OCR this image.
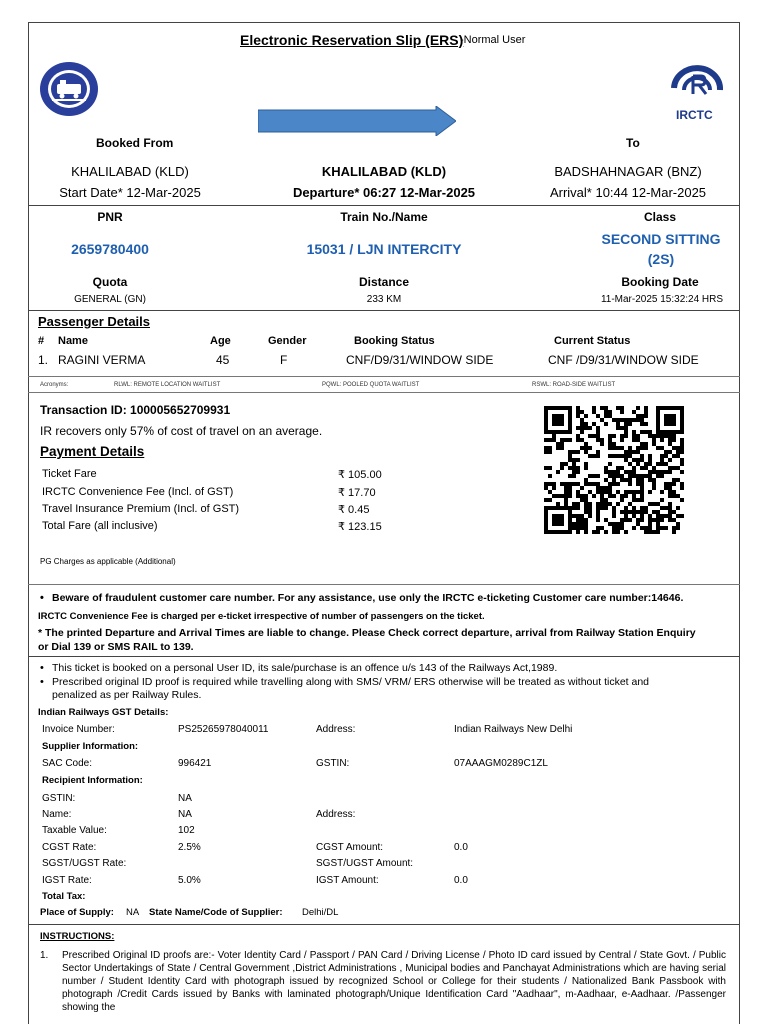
Electronic Reservation Slip (ERS)
-Normal User
IRCTC
Booked From	Boarding At	To
KHALILABAD (KLD)	KHALILABAD (KLD)	BADSHAHNAGAR (BNZ)
Start Date* 12-Mar-2025	Departure* 06:27 12-Mar-2025	Arrival* 10:44 12-Mar-2025
PNR	Train No./Name	Class
2659780400	15031 / LJN INTERCITY
SECOND SITTING
(2S)
Quota	Distance	Booking Date
GENERAL (GN)	233 KM	11-Mar-2025 15:32:24 HRS
Passenger Details
# Name	Age	Gender	Booking Status	Current Status
1. RAGINI VERMA	45	F	CNF/D9/31/WINDOW SIDE	CNF /D9/31/WINDOW SIDE
Acronyms:	RLWL: REMOTE LOCATION WAITLIST	PQWL: POOLED QUOTA WAITLIST	RSWL: ROAD-SIDE WAITLIST
Transaction ID: 100005652709931
IR recovers only 57% of cost of travel on an average.
Payment Details
Ticket Fare	₹ 105.00
IRCTC Convenience Fee (Incl. of GST)	₹ 17.70
Travel Insurance Premium (Incl. of GST)	₹ 0.45
Total Fare (all inclusive)	₹ 123.15
PG Charges as applicable (Additional)
• Beware of fraudulent customer care number. For any assistance, use only the IRCTC e-ticketing Customer care number:14646.
IRCTC Convenience Fee is charged per e-ticket irrespective of number of passengers on the ticket.
* The printed Departure and Arrival Times are liable to change. Please Check correct departure, arrival from Railway Station Enquiry
or Dial 139 or SMS RAIL to 139.
• This ticket is booked on a personal User ID, its sale/purchase is an offence u/s 143 of the Railways Act,1989.
• Prescribed original ID proof is required while travelling along with SMS/ VRM/ ERS otherwise will be treated as without ticket and
penalized as per Railway Rules.
Indian Railways GST Details:
Invoice Number:	PS25265978040011	Address:	Indian Railways New Delhi
Supplier Information:
SAC Code:	996421	GSTIN:	07AAAGM0289C1ZL
Recipient Information:
GSTIN:	NA
Name:	NA	Address:
Taxable Value:	102
CGST Rate:	2.5%	CGST Amount:	0.0
SGST/UGST Rate:	SGST/UGST Amount:
IGST Rate:	5.0%	IGST Amount:	0.0
Total Tax:
Place of Supply: NA State Name/Code of Supplier: Delhi/DL
INSTRUCTIONS:
1. Prescribed Original ID proofs are:- Voter Identity Card / Passport / PAN Card / Driving License / Photo ID card issued by Central / State Govt. / Public Sector Undertakings of State / Central Government ,District Administrations , Municipal bodies and Panchayat Administrations which are having serial number / Student Identity Card with photograph issued by recognized School or College for their students / Nationalized Bank Passbook with photograph /Credit Cards issued by Banks with laminated photograph/Unique Identification Card "Aadhaar", m-Aadhaar, e-Aadhaar. /Passenger showing the
